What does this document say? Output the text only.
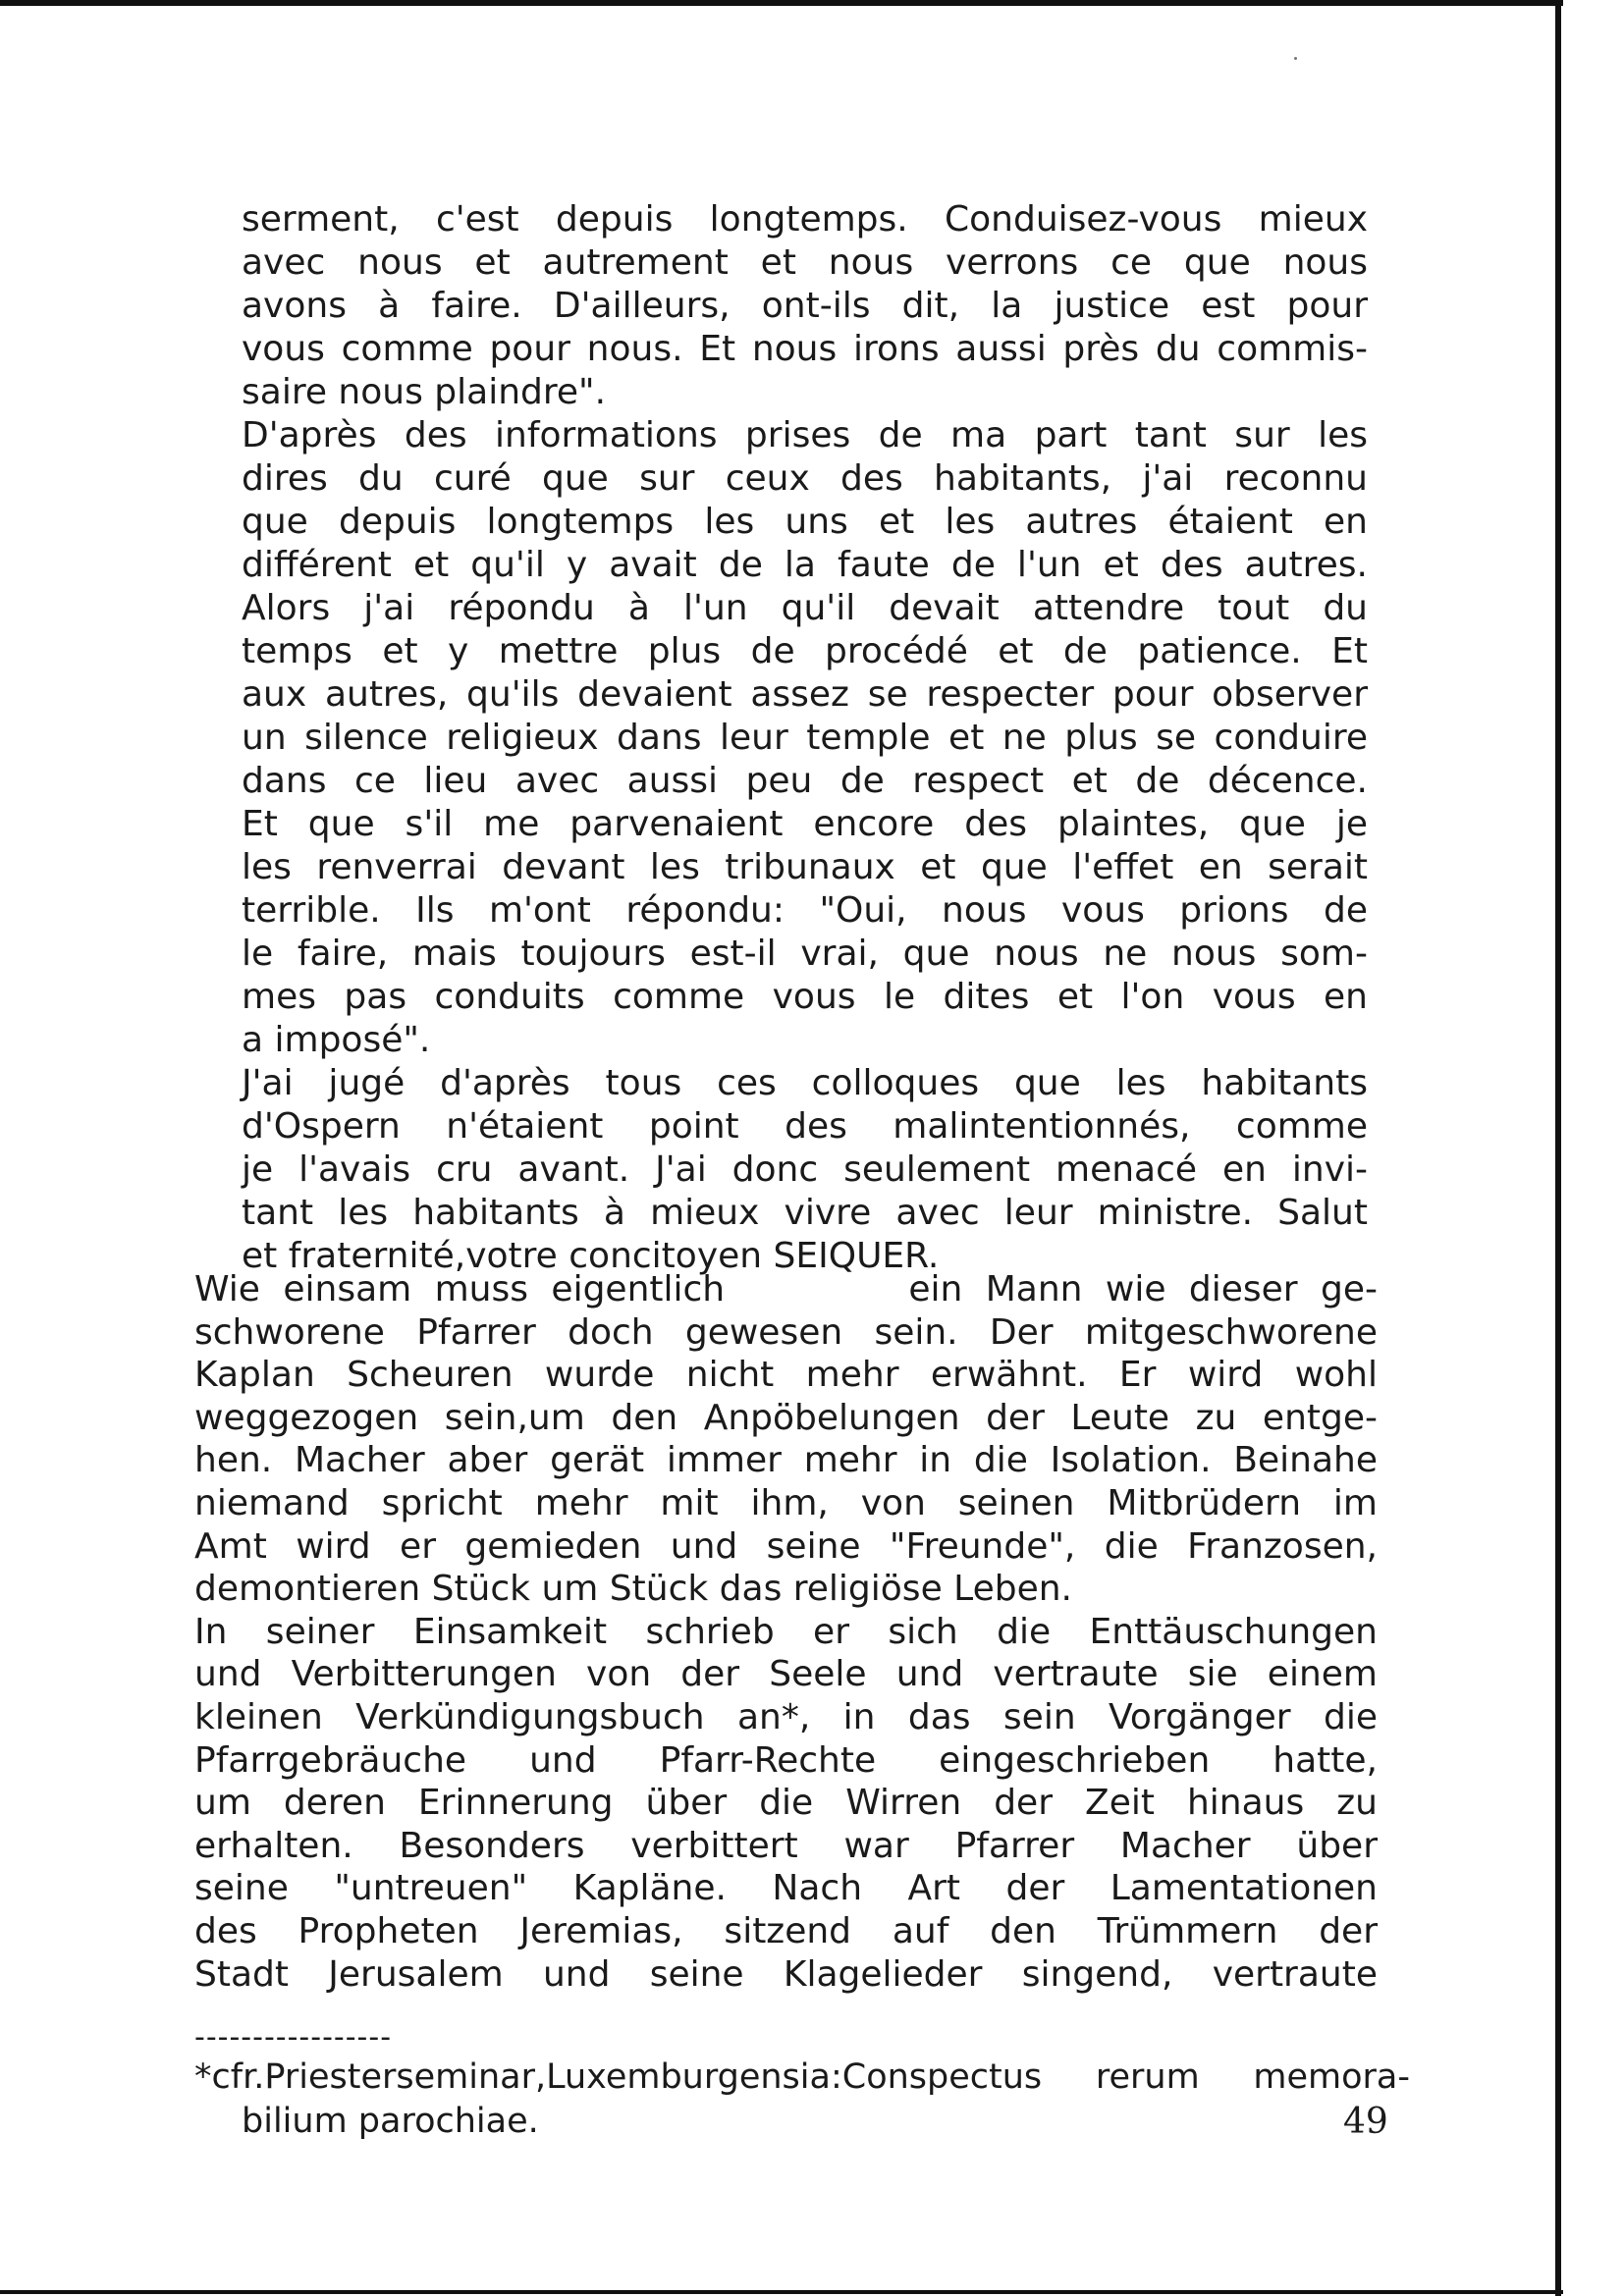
serment, c'est depuis longtemps. Conduisez-vous mieux
avec nous et autrement et nous verrons ce que nous
avons à faire. D'ailleurs, ont-ils dit, la justice est pour
vous comme pour nous. Et nous irons aussi près du commis-
saire nous plaindre".
D'après des informations prises de ma part tant sur les
dires du curé que sur ceux des habitants, j'ai reconnu
que depuis longtemps les uns et les autres étaient en
différent et qu'il y avait de la faute de l'un et des autres.
Alors j'ai répondu à l'un qu'il devait attendre tout du
temps et y mettre plus de procédé et de patience. Et
aux autres, qu'ils devaient assez se respecter pour observer
un silence religieux dans leur temple et ne plus se conduire
dans ce lieu avec aussi peu de respect et de décence.
Et que s'il me parvenaient encore des plaintes, que je
les renverrai devant les tribunaux et que l'effet en serait
terrible. Ils m'ont répondu: "Oui, nous vous prions de
le faire, mais toujours est-il vrai, que nous ne nous som-
mes pas conduits comme vous le dites et l'on vous en
a imposé".
J'ai jugé d'après tous ces colloques que les habitants
d'Ospern n'étaient point des malintentionnés, comme
je l'avais cru avant. J'ai donc seulement menacé en invi-
tant les habitants à mieux vivre avec leur ministre. Salut
et fraternité,votre concitoyen SEIQUER.
Wie einsam muss eigentlich        ein Mann wie dieser ge-
schworene Pfarrer doch gewesen sein. Der mitgeschworene
Kaplan Scheuren wurde nicht mehr erwähnt. Er wird wohl
weggezogen sein,um den Anpöbelungen der Leute zu entge-
hen. Macher aber gerät immer mehr in die Isolation. Beinahe
niemand spricht mehr mit ihm, von seinen Mitbrüdern im
Amt wird er gemieden und seine "Freunde", die Franzosen,
demontieren Stück um Stück das religiöse Leben.
In seiner Einsamkeit schrieb er sich die Enttäuschungen
und Verbitterungen von der Seele und vertraute sie einem
kleinen Verkündigungsbuch an*, in das sein Vorgänger die
Pfarrgebräuche und Pfarr-Rechte eingeschrieben hatte,
um deren Erinnerung über die Wirren der Zeit hinaus zu
erhalten. Besonders verbittert war Pfarrer Macher über
seine "untreuen" Kapläne. Nach Art der Lamentationen
des Propheten Jeremias, sitzend auf den Trümmern der
Stadt Jerusalem und seine Klagelieder singend, vertraute
-----------------
*cfr.Priesterseminar,Luxemburgensia:Conspectus rerum memora-
bilium parochiae.	49
